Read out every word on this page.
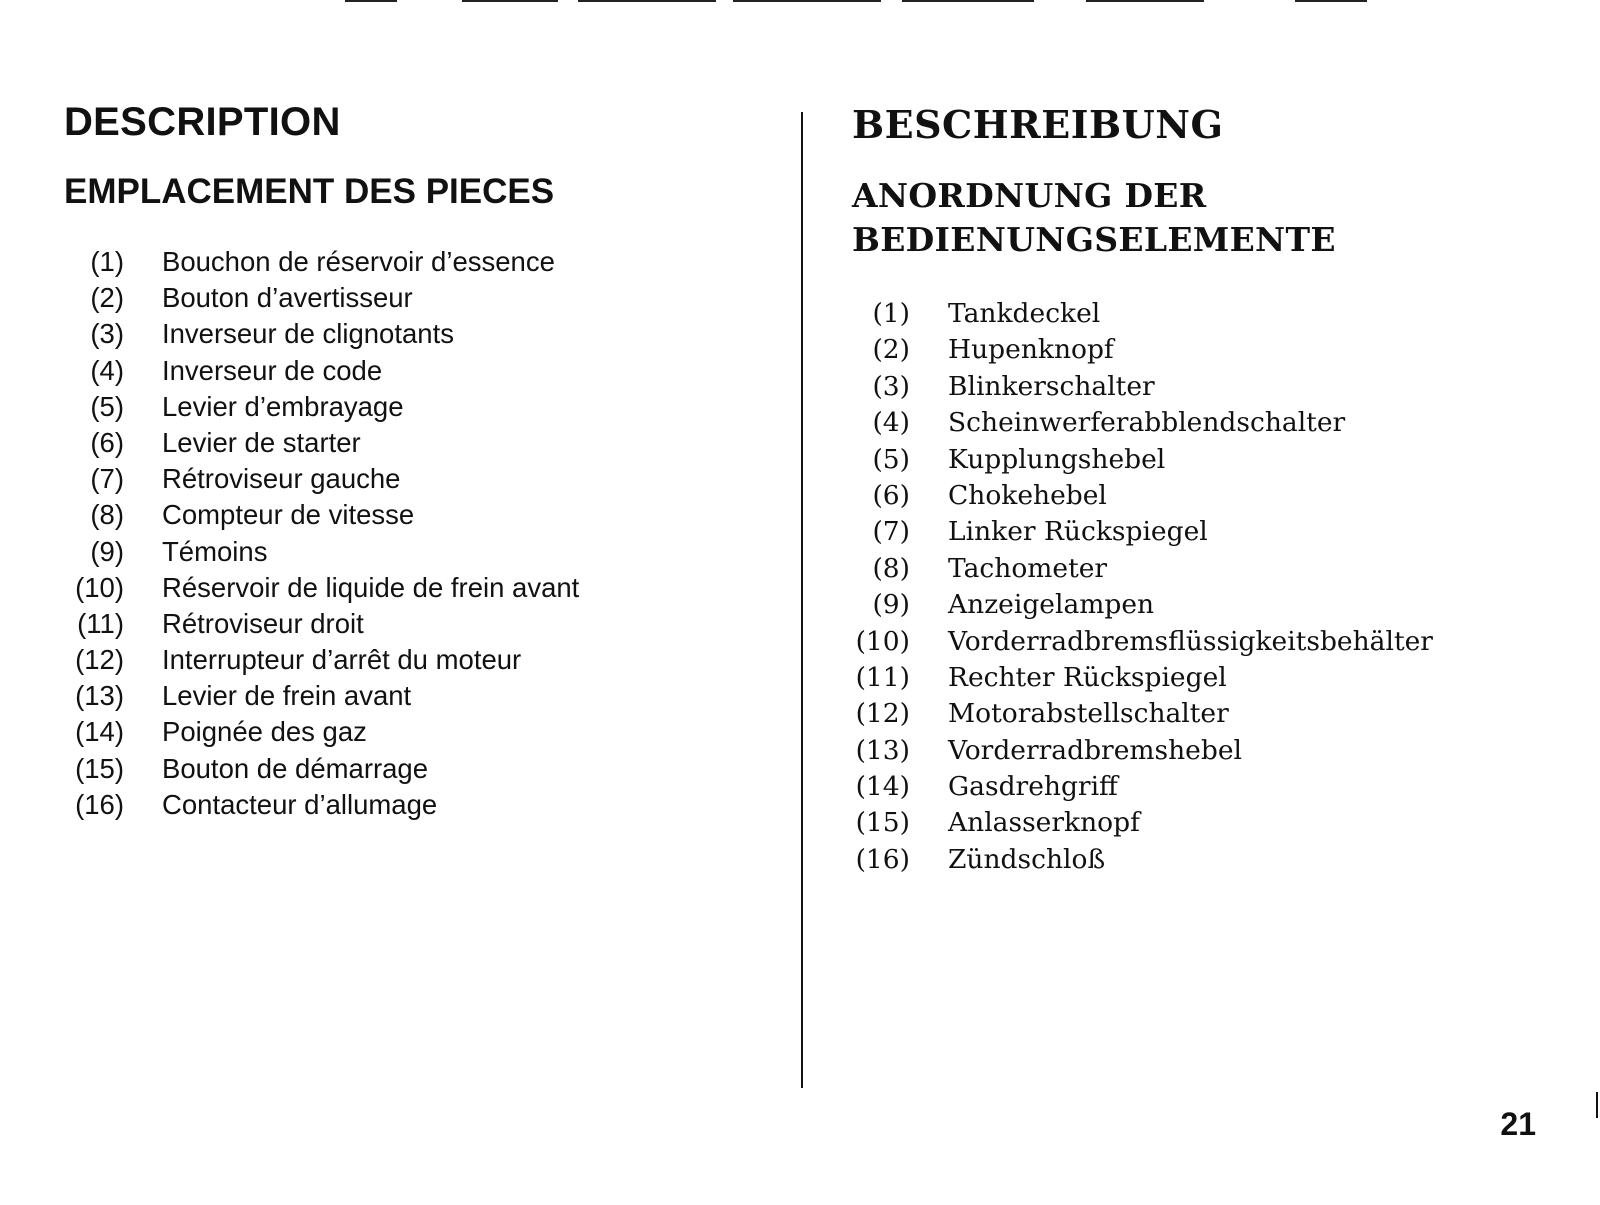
DESCRIPTION
EMPLACEMENT DES PIECES
(1) Bouchon de réservoir d’essence
(2) Bouton d’avertisseur
(3) Inverseur de clignotants
(4) Inverseur de code
(5) Levier d’embrayage
(6) Levier de starter
(7) Rétroviseur gauche
(8) Compteur de vitesse
(9) Témoins
(10) Réservoir de liquide de frein avant
(11) Rétroviseur droit
(12) Interrupteur d’arrêt du moteur
(13) Levier de frein avant
(14) Poignée des gaz
(15) Bouton de démarrage
(16) Contacteur d’allumage
BESCHREIBUNG
ANORDNUNG DER
BEDIENUNGSELEMENTE
(1) Tankdeckel
(2) Hupenknopf
(3) Blinkerschalter
(4) Scheinwerferabblendschalter
(5) Kupplungshebel
(6) Chokehebel
(7) Linker Rückspiegel
(8) Tachometer
(9) Anzeigelampen
(10) Vorderradbremsflüssigkeitsbehälter
(11) Rechter Rückspiegel
(12) Motorabstellschalter
(13) Vorderradbremshebel
(14) Gasdrehgriff
(15) Anlasserknopf
(16) Zündschloß
21
